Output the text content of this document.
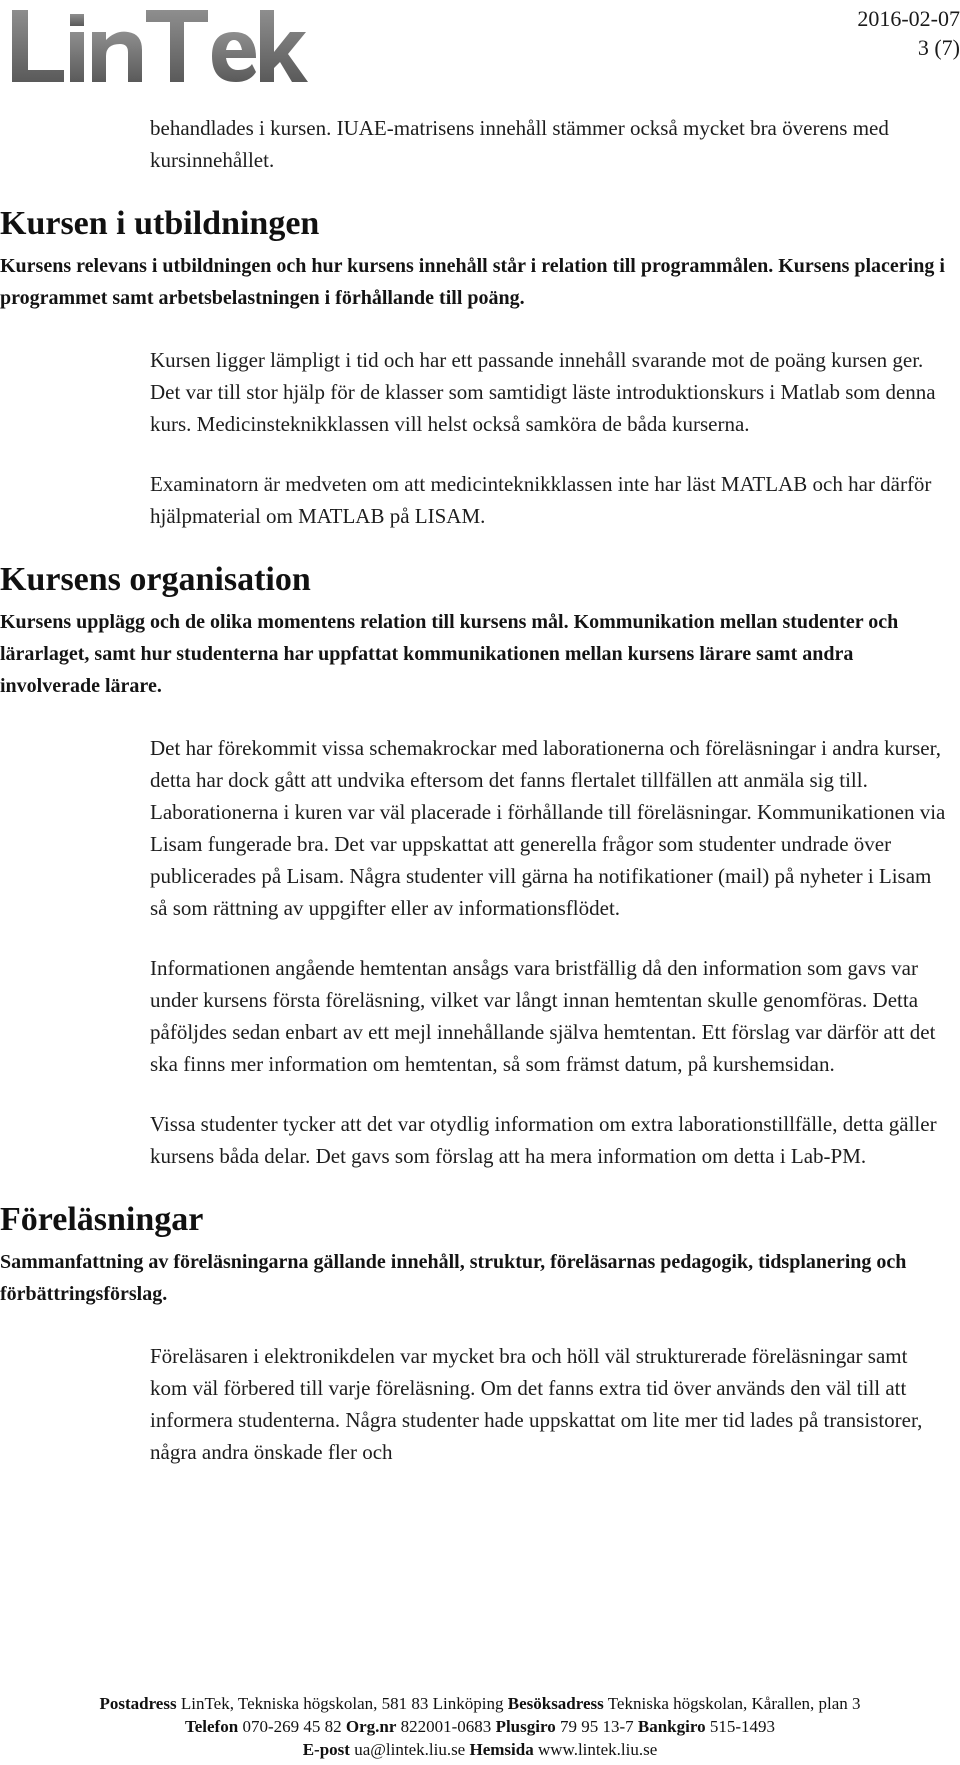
2016-02-07
3 (7)

behandlades i kursen. IUAE-matrisens innehåll stämmer också mycket bra överens med kursinnehållet.

Kursen i utbildningen

Kursens relevans i utbildningen och hur kursens innehåll står i relation till programmålen. Kursens placering i programmet samt arbetsbelastningen i förhållande till poäng.

Kursen ligger lämpligt i tid och har ett passande innehåll svarande mot de poäng kursen ger. Det var till stor hjälp för de klasser som samtidigt läste introduktionskurs i Matlab som denna kurs. Medicinsteknikklassen vill helst också samköra de båda kurserna.

Examinatorn är medveten om att medicinteknikklassen inte har läst MATLAB och har därför hjälpmaterial om MATLAB på LISAM.

Kursens organisation

Kursens upplägg och de olika momentens relation till kursens mål. Kommunikation mellan studenter och lärarlaget, samt hur studenterna har uppfattat kommunikationen mellan kursens lärare samt andra involverade lärare.

Det har förekommit vissa schemakrockar med laborationerna och föreläsningar i andra kurser, detta har dock gått att undvika eftersom det fanns flertalet tillfällen att anmäla sig till. Laborationerna i kuren var väl placerade i förhållande till föreläsningar. Kommunikationen via Lisam fungerade bra. Det var uppskattat att generella frågor som studenter undrade över publicerades på Lisam. Några studenter vill gärna ha notifikationer (mail) på nyheter i Lisam så som rättning av uppgifter eller av informationsflödet.

Informationen angående hemtentan ansågs vara bristfällig då den information som gavs var under kursens första föreläsning, vilket var långt innan hemtentan skulle genomföras. Detta påföljdes sedan enbart av ett mejl innehållande själva hemtentan. Ett förslag var därför att det ska finns mer information om hemtentan, så som främst datum, på kurshemsidan.

Vissa studenter tycker att det var otydlig information om extra laborationstillfälle, detta gäller kursens båda delar. Det gavs som förslag att ha mera information om detta i Lab-PM.

Föreläsningar

Sammanfattning av föreläsningarna gällande innehåll, struktur, föreläsarnas pedagogik, tidsplanering och förbättringsförslag.

Föreläsaren i elektronikdelen var mycket bra och höll väl strukturerade föreläsningar samt kom väl förbered till varje föreläsning. Om det fanns extra tid över används den väl till att informera studenterna. Några studenter hade uppskattat om lite mer tid lades på transistorer, några andra önskade fler och

Postadress LinTek, Tekniska högskolan, 581 83 Linköping Besöksadress Tekniska högskolan, Kårallen, plan 3
Telefon 070-269 45 82 Org.nr 822001-0683 Plusgiro 79 95 13-7 Bankgiro 515-1493
E-post ua@lintek.liu.se Hemsida www.lintek.liu.se
